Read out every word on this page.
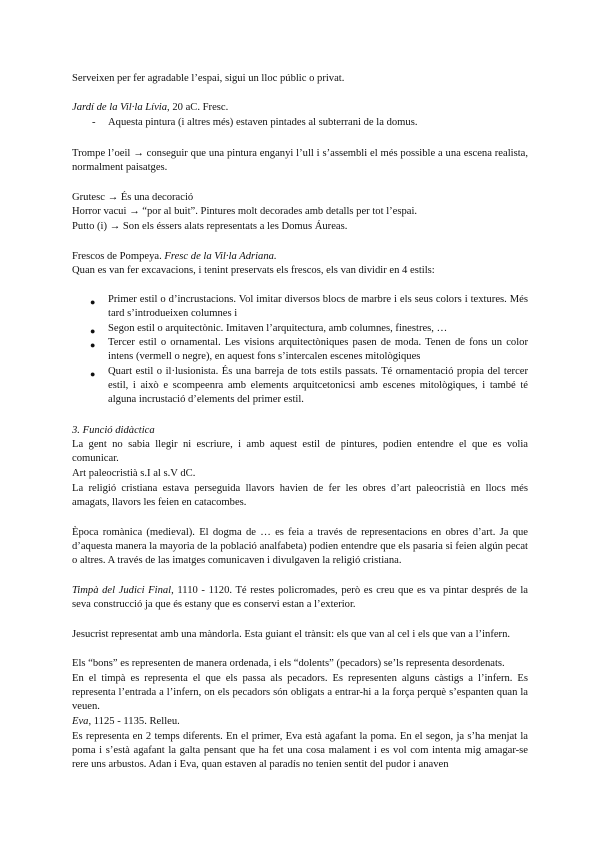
Serveixen per fer agradable l’espai, sigui un lloc públic o privat.

Jardí de la Vil·la Lívia, 20 aC. Fresc.

- Aquesta pintura (i altres més) estaven pintades al subterrani de la domus.

Trompe l’oeil → conseguir que una pintura enganyi l’ull i s’assembli el més possible a una escena realista, normalment paisatges.

Grutesc → És una decoració

Horror vacui → “por al buit”. Pintures molt decorades amb detalls per tot l’espai.

Putto (i) → Son els éssers alats representats a les Domus Áureas.

Frescos de Pompeya. Fresc de la Vil·la Adriana.

Quan es van fer excavacions, i tenint preservats els frescos, els van dividir en 4 estils:

● Primer estil o d’incrustacions. Vol imitar diversos blocs de marbre i els seus colors i textures. Més tard s’introdueixen columnes i

● Segon estil o arquitectònic. Imitaven l’arquitectura, amb columnes, finestres, …

● Tercer estil o ornamental. Les visions arquitectòniques pasen de moda. Tenen de fons un color intens (vermell o negre), en aquest fons s’intercalen escenes mitològiques

● Quart estil o il·lusionista. És una barreja de tots estils passats. Té ornamentació propia del tercer estil, i això e scompeenra amb elements arquitcetonicsi amb escenes mitològiques, i també té alguna incrustació d’elements del primer estil.

3. Funció didàctica

La gent no sabia llegir ni escriure, i amb aquest estil de pintures, podien entendre el que es volia comunicar.

Art paleocristià s.I al s.V dC.

La religió cristiana estava perseguida llavors havien de fer les obres d’art paleocristià en llocs més amagats, llavors les feien en catacombes.

Època romànica (medieval). El dogma de … es feia a través de representacions en obres d’art. Ja que d’aquesta manera la mayoria de la població analfabeta) podien entendre que els pasaria si feien algún pecat o altres. A través de las imatges comunicaven i divulgaven la religió cristiana.

Timpà del Judici Final, 1110 - 1120. Té restes policromades, però es creu que es va pintar després de la seva construcció ja que és estany que es conservi estan a l’exterior.

Jesucrist representat amb una màndorla. Esta guiant el trànsit: els que van al cel i els que van a l’infern.

Els “bons” es representen de manera ordenada, i els “dolents” (pecadors) se’ls representa desordenats.

En el timpà es representa el que els passa als pecadors. Es representen alguns càstigs a l’infern. Es representa l’entrada a l’infern, on els pecadors són obligats a entrar-hi a la força perquè s’espanten quan la veuen.

Eva, 1125 - 1135. Relleu.

Es representa en 2 temps diferents. En el primer, Eva està agafant la poma. En el segon, ja s’ha menjat la poma i s’està agafant la galta pensant que ha fet una cosa malament i es vol com intenta mig amagar-se rere uns arbustos. Adan i Eva, quan estaven al paradís no tenien sentit del pudor i anaven
